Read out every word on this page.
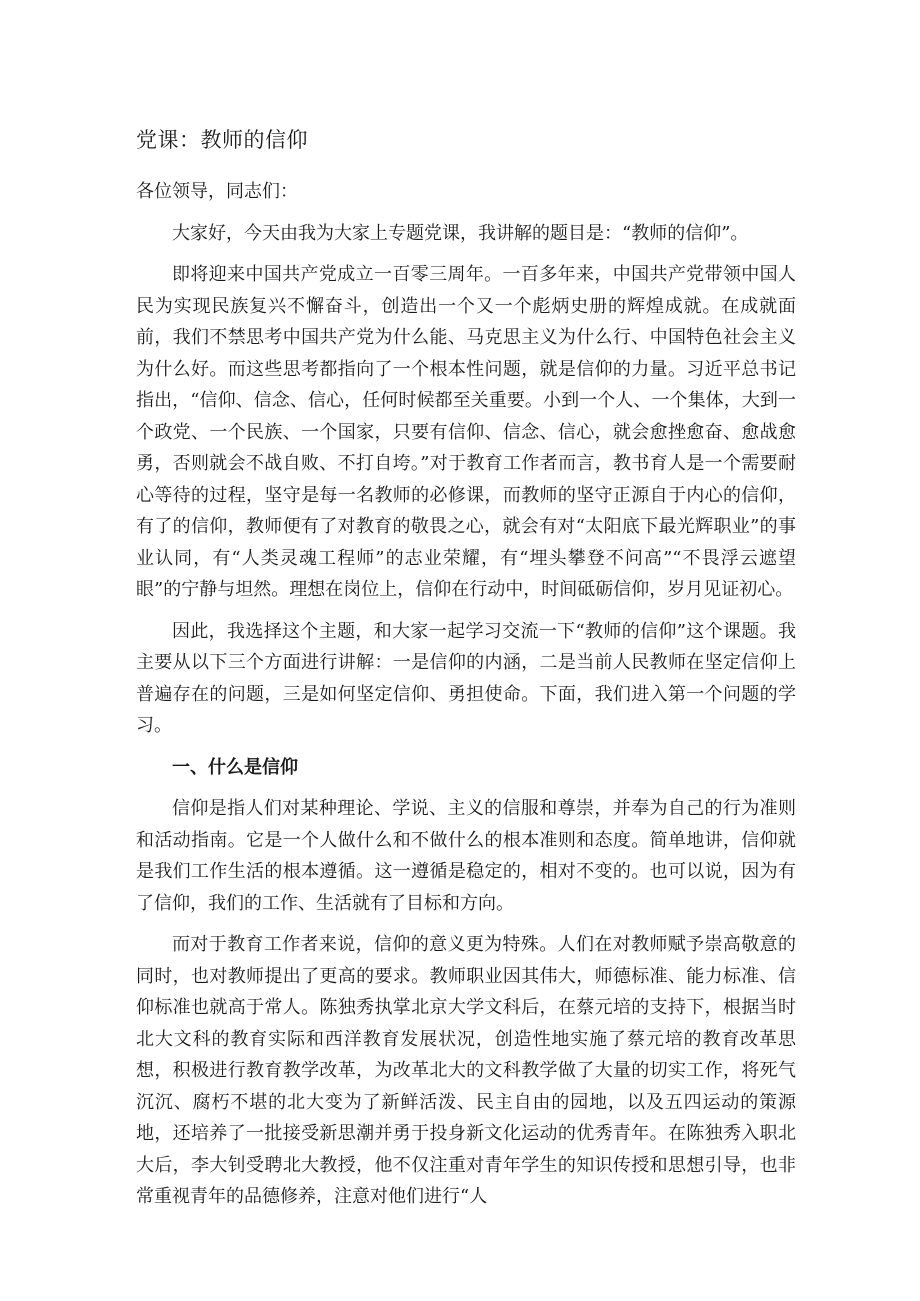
党课：教师的信仰

各位领导，同志们：

大家好，今天由我为大家上专题党课，我讲解的题目是：“教师的信仰”。

即将迎来中国共产党成立一百零三周年。一百多年来，中国共产党带领中国人民为实现民族复兴不懈奋斗，创造出一个又一个彪炳史册的辉煌成就。在成就面前，我们不禁思考中国共产党为什么能、马克思主义为什么行、中国特色社会主义为什么好。而这些思考都指向了一个根本性问题，就是信仰的力量。习近平总书记指出，“信仰、信念、信心，任何时候都至关重要。小到一个人、一个集体，大到一个政党、一个民族、一个国家，只要有信仰、信念、信心，就会愈挫愈奋、愈战愈勇，否则就会不战自败、不打自垮。”对于教育工作者而言，教书育人是一个需要耐心等待的过程，坚守是每一名教师的必修课，而教师的坚守正源自于内心的信仰，有了的信仰，教师便有了对教育的敬畏之心，就会有对“太阳底下最光辉职业”的事业认同，有“人类灵魂工程师”的志业荣耀，有“埋头攀登不问高”“不畏浮云遮望眼”的宁静与坦然。理想在岗位上，信仰在行动中，时间砥砺信仰，岁月见证初心。

因此，我选择这个主题，和大家一起学习交流一下“教师的信仰”这个课题。我主要从以下三个方面进行讲解：一是信仰的内涵，二是当前人民教师在坚定信仰上普遍存在的问题，三是如何坚定信仰、勇担使命。下面，我们进入第一个问题的学习。

一、什么是信仰

信仰是指人们对某种理论、学说、主义的信服和尊崇，并奉为自己的行为准则和活动指南。它是一个人做什么和不做什么的根本准则和态度。简单地讲，信仰就是我们工作生活的根本遵循。这一遵循是稳定的，相对不变的。也可以说，因为有了信仰，我们的工作、生活就有了目标和方向。

而对于教育工作者来说，信仰的意义更为特殊。人们在对教师赋予崇高敬意的同时，也对教师提出了更高的要求。教师职业因其伟大，师德标准、能力标准、信仰标准也就高于常人。陈独秀执掌北京大学文科后，在蔡元培的支持下，根据当时北大文科的教育实际和西洋教育发展状况，创造性地实施了蔡元培的教育改革思想，积极进行教育教学改革，为改革北大的文科教学做了大量的切实工作，将死气沉沉、腐朽不堪的北大变为了新鲜活泼、民主自由的园地，以及五四运动的策源地，还培养了一批接受新思潮并勇于投身新文化运动的优秀青年。在陈独秀入职北大后，李大钊受聘北大教授，他不仅注重对青年学生的知识传授和思想引导，也非常重视青年的品德修养，注意对他们进行“人
